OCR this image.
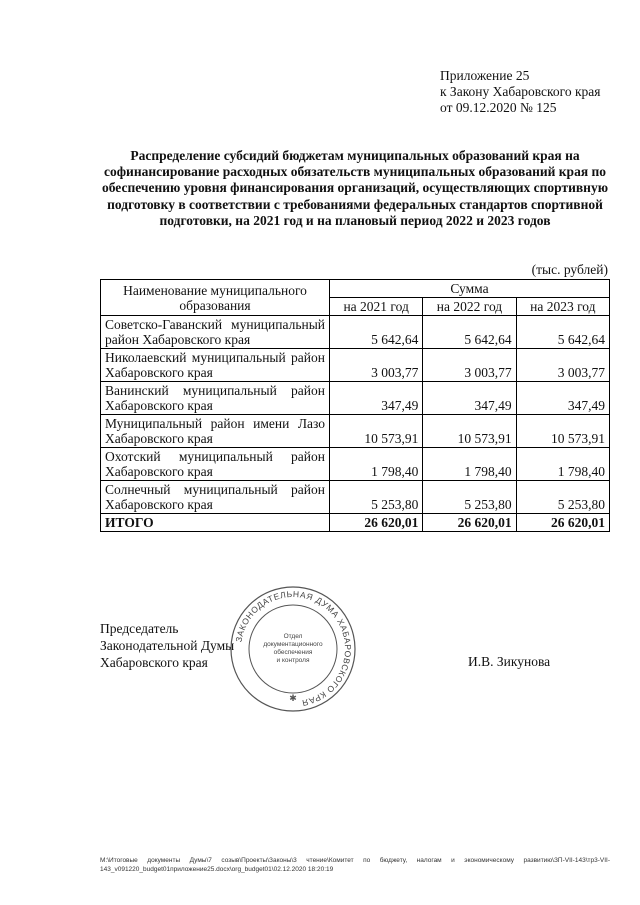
Приложение 25
к Закону Хабаровского края
от 09.12.2020 № 125
Распределение субсидий бюджетам муниципальных образований края на софинансирование расходных обязательств муниципальных образований края по обеспечению уровня финансирования организаций, осуществляющих спортивную подготовку в соответствии с требованиями федеральных стандартов спортивной подготовки, на 2021 год и на плановый период 2022 и 2023 годов
(тыс. рублей)
Наименование муниципального образования	Сумма		
	на 2021 год	на 2022 год	на 2023 год
Советско-Гаванский муниципальный район Хабаровского края	5 642,64	5 642,64	5 642,64
Николаевский муниципальный район Хабаровского края	3 003,77	3 003,77	3 003,77
Ванинский муниципальный район Хабаровского края	347,49	347,49	347,49
Муниципальный район имени Лазо Хабаровского края	10 573,91	10 573,91	10 573,91
Охотский муниципальный район Хабаровского края	1 798,40	1 798,40	1 798,40
Солнечный муниципальный район Хабаровского края	5 253,80	5 253,80	5 253,80
ИТОГО	26 620,01	26 620,01	26 620,01
Председатель
Законодательной Думы
Хабаровского края
ЗАКОНОДАТЕЛЬНАЯ ДУМА ХАБАРОВСКОГО КРАЯ
Отдел
документационного
обеспечения
и контроля
✱
И.В. Зикунова
M:\Итоговые документы Думы\7 созыв\Проекты\Законы\3 чтение\Комитет по бюджету, налогам и экономическому развитию\ЗП-VII-143\тр3-VII-143_v091220_budget01приложение25.docx\org_budget01\02.12.2020 18:20:19
